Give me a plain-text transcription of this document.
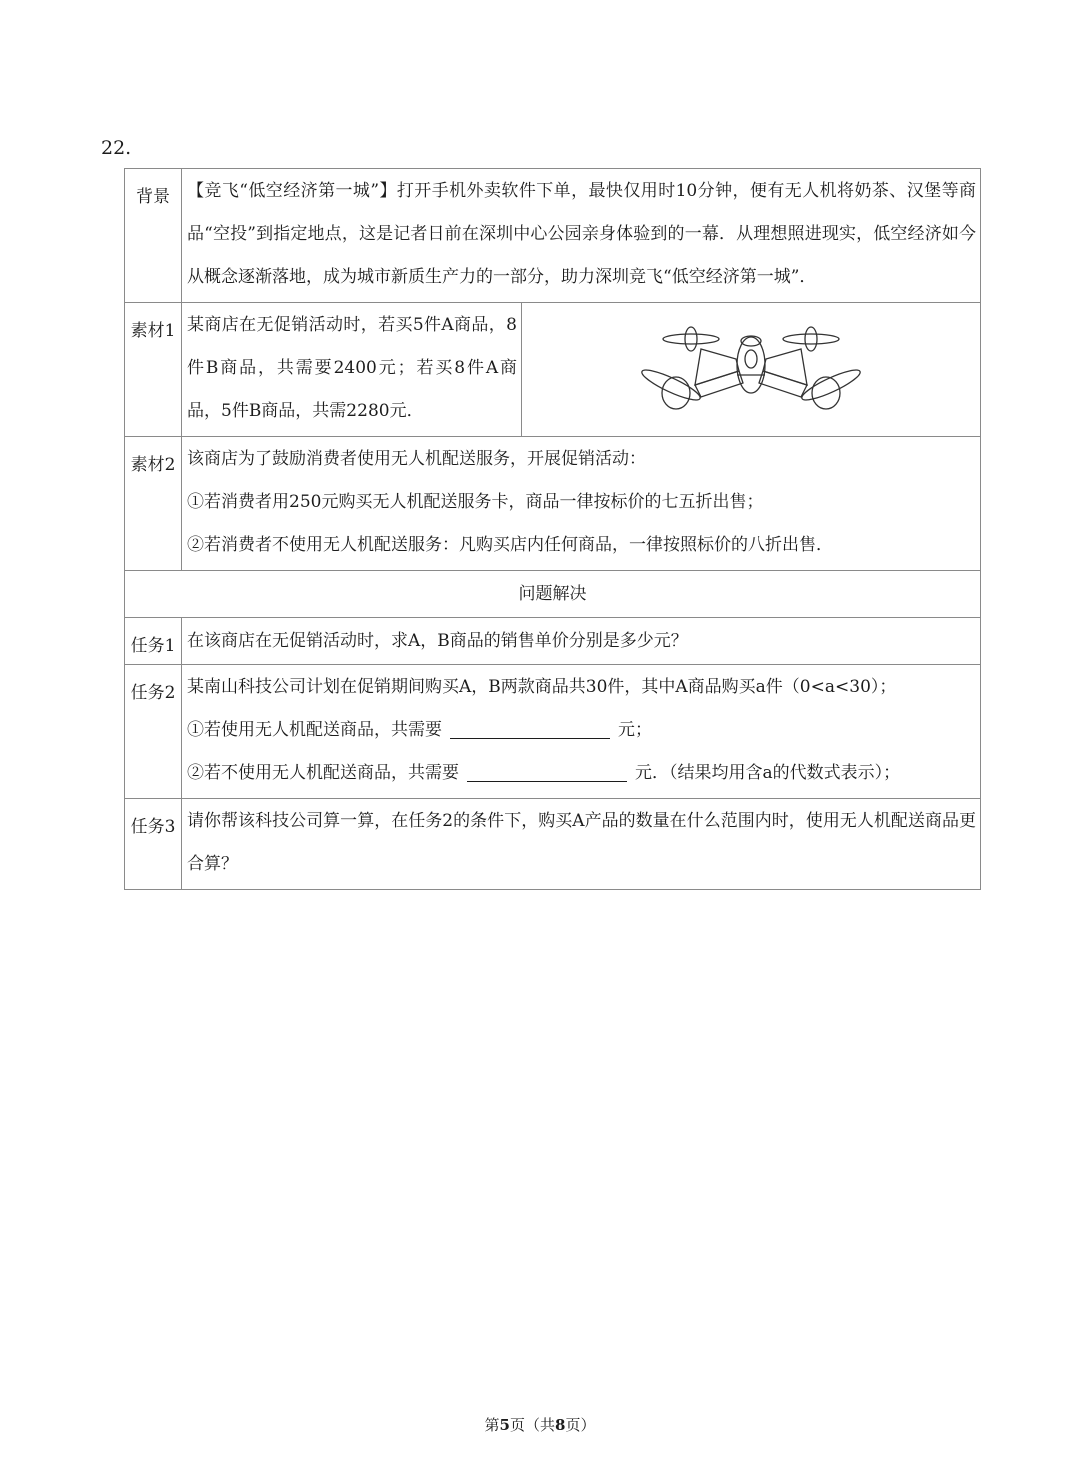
22.
背景	【竞飞“低空经济第一城”】打开手机外卖软件下单，最快仅用时10分钟，便有无人机将奶茶、汉堡等商品“空投”到指定地点，这是记者日前在深圳中心公园亲身体验到的一幕．从理想照进现实，低空经济如今从概念逐渐落地，成为城市新质生产力的一部分，助力深圳竞飞“低空经济第一城”．	

素材1	某商店在无促销活动时，若买5件A商品，8件B商品，共需要2400元；若买8件A商品，5件B商品，共需2280元．

素材2	该商店为了鼓励消费者使用无人机配送服务，开展促销活动：
①若消费者用250元购买无人机配送服务卡，商品一律按标价的七五折出售；
②若消费者不使用无人机配送服务：凡购买店内任何商品，一律按照标价的八折出售．	

问题解决		

任务1	在该商店在无促销活动时，求A，B商品的销售单价分别是多少元？	

任务2	某南山科技公司计划在促销期间购买A，B两款商品共30件，其中A商品购买a件（0<a<30）；
①若使用无人机配送商品，共需要 元；
②若不使用无人机配送商品，共需要 元．（结果均用含a的代数式表示）；	

任务3	请你帮该科技公司算一算，在任务2的条件下，购买A产品的数量在什么范围内时，使用无人机配送商品更合算？	
第5页（共8页）
